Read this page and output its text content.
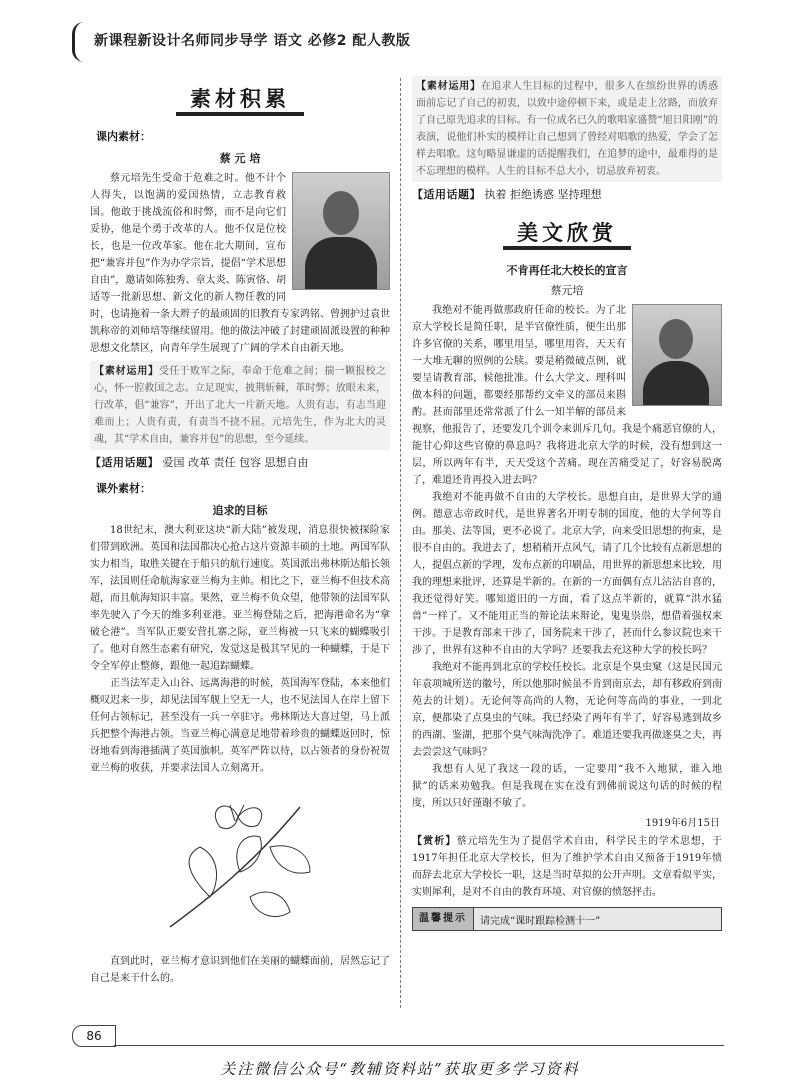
新课程新设计名师同步导学 语文 必修2 配人教版
素材积累
课内素材：
蔡 元 培

蔡元培先生受命于危难之时。他不计个人得失，以饱满的爱国热情，立志教育救国。他敢于挑战流俗和时弊，而不是向它们妥协，他是个勇于改革的人。他不仅是位校长，也是一位改革家。他在北大期间，宣布把“兼容并包”作为办学宗旨，提倡“学术思想自由”，邀请如陈独秀、章太炎、陈寅恪、胡适等一批新思想、新文化的新人物任教的同时，也请拖着一条大辫子的最顽固的旧教育专家鸿铭、曾拥护过袁世凯称帝的刘师培等继续留用。他的做法冲破了封建顽固派设置的种种思想文化禁区，向青年学生展现了广阔的学术自由新天地。

【素材运用】受任于败军之际，奉命于危难之间；揣一颗报校之心，怀一腔救国之志。立足现实，披荆斩棘，革时弊；放眼未来，行改革，倡“兼容”，开出了北大一片新天地。人贵有志，有志当迎难而上；人贵有责，有责当不挠不屈。元培先生，作为北大的灵魂，其“学术自由，兼容并包”的思想，至今延续。

【适用话题】 爱国 改革 责任 包容 思想自由
课外素材：
追求的目标

18世纪末，澳大利亚这块“新大陆”被发现，消息很快被探险家们带到欧洲。英国和法国都决心抢占这片资源丰硕的土地。两国军队实力相当，取胜关键在于船只的航行速度。英国派出弗林斯达船长领军，法国则任命航海家亚兰梅为主帅。相比之下，亚兰梅不但技术高超，而且航海知识丰富。果然，亚兰梅不负众望，他带领的法国军队率先驶入了今天的维多利亚港。亚兰梅登陆之后，把海港命名为“拿破仑港”。当军队正要安营扎寨之际，亚兰梅被一只飞来的蝴蝶吸引了。他对自然生态素有研究，发觉这是极其罕见的一种蝴蝶，于是下令全军停止整修，跟他一起追踪蝴蝶。

正当法军走入山谷、远离海港的时候，英国海军登陆，本来他们概叹迟来一步，却见法国军舰上空无一人，也不见法国人在岸上留下任何占领标记，甚至没有一兵一卒驻守。弗林斯达大喜过望，马上派兵把整个海港占领。当亚兰梅心满意足地带着珍贵的蝴蝶返回时，惊讶地看到海港插满了英国旗帜。英军严阵以待，以占领者的身份祝贺亚兰梅的收获，并要求法国人立刻离开。

直到此时，亚兰梅才意识到他们在美丽的蝴蝶面前，居然忘记了自己是来干什么的。

【素材运用】在追求人生目标的过程中，很多人在缤纷世界的诱惑面前忘记了自己的初衷，以致中途停顿下来，或是走上岔路，而放弃了自己原先追求的目标。有一位成名已久的歌唱家盛赞“旭日阳刚”的表演，说他们朴实的模样让自己想到了曾经对唱歌的热爱，学会了怎样去唱歌。这句略显谦虚的话提醒我们，在追梦的途中，最难得的是不忘理想的模样。人生的目标不总大小，切忌放弃初衷。

【适用话题】 执着 拒绝诱惑 坚持理想
美文欣赏
不肯再任北大校长的宣言
蔡元培

我绝对不能再做那政府任命的校长。为了北京大学校长是简任职，是半官僚性质，便生出那许多官僚的关系，哪里用呈，哪里用咨，天天有一大堆无聊的照例的公牍。要是稍微破点例，就要呈请教育部，候他批准。什么大学文、理科叫做本科的问题，都要经那帮约文牵义的部员来斟酌。甚而部里还常常派了什么一知半解的部员来视察，他报告了，还要发几个训令来训斥几句。我是个痛恶官僚的人，能甘心仰这些官僚的鼻息吗？我将进北京大学的时候，没有想到这一层，所以两年有半，天天受这个苦痛。现在苦痛受足了，好容易脱离了，难道还肯再投入进去吗？

我绝对不能再做不自由的大学校长。思想自由，是世界大学的通例。德意志帝政时代，是世界著名开明专制的国度，他的大学何等自由。那美、法等国，更不必说了。北京大学，向来受旧思想的拘束，是很不自由的。我进去了，想稍稍开点风气，请了几个比较有点新思想的人，提倡点新的学理，发布点新的印刷品，用世界的新思想来比较，用我的理想来批评，还算是半新的。在新的一方面偶有点儿沾沾自喜的，我还觉得好笑。哪知道旧的一方面，看了这点半新的，就算“洪水猛兽”一样了。又不能用正当的辩论法来辩论，鬼鬼祟祟，想借着强权来干涉。于是教育部来干涉了，国务院来干涉了，甚而什么参议院也来干涉了，世界有这种不自由的大学吗？还要我去充这种大学的校长吗？

我绝对不能再到北京的学校任校长。北京是个臭虫窠（这是民国元年袁项城所送的徽号，所以他那时候虽不肯到南京去，却有移政府到南苑去的计划）。无论何等高尚的人物，无论何等高尚的事业，一到北京，便都染了点臭虫的气味。我已经染了两年有半了，好容易逃到故乡的西湖、鉴湖，把那个臭气味淘洗净了。难道还要我再做逐臭之夫，再去尝尝这气味吗？

我想有人见了我这一段的话，一定要用“我不入地狱，谁入地狱”的话来劝勉我。但是我现在实在没有到佛前说这句话的时候的程度，所以只好谨谢不敏了。

1919年6月15日

【赏析】蔡元培先生为了提倡学术自由，科学民主的学术思想，于1917年担任北京大学校长，但为了维护学术自由又预备于1919年愤而辞去北京大学校长一职，这是当时草拟的公开声明。文章看似平实，实则犀利，是对不自由的教育环境、对官僚的愤怒抨击。

温馨提示	请完成“课时跟踪检测十一”
86
关注微信公众号“教辅资料站”获取更多学习资料
